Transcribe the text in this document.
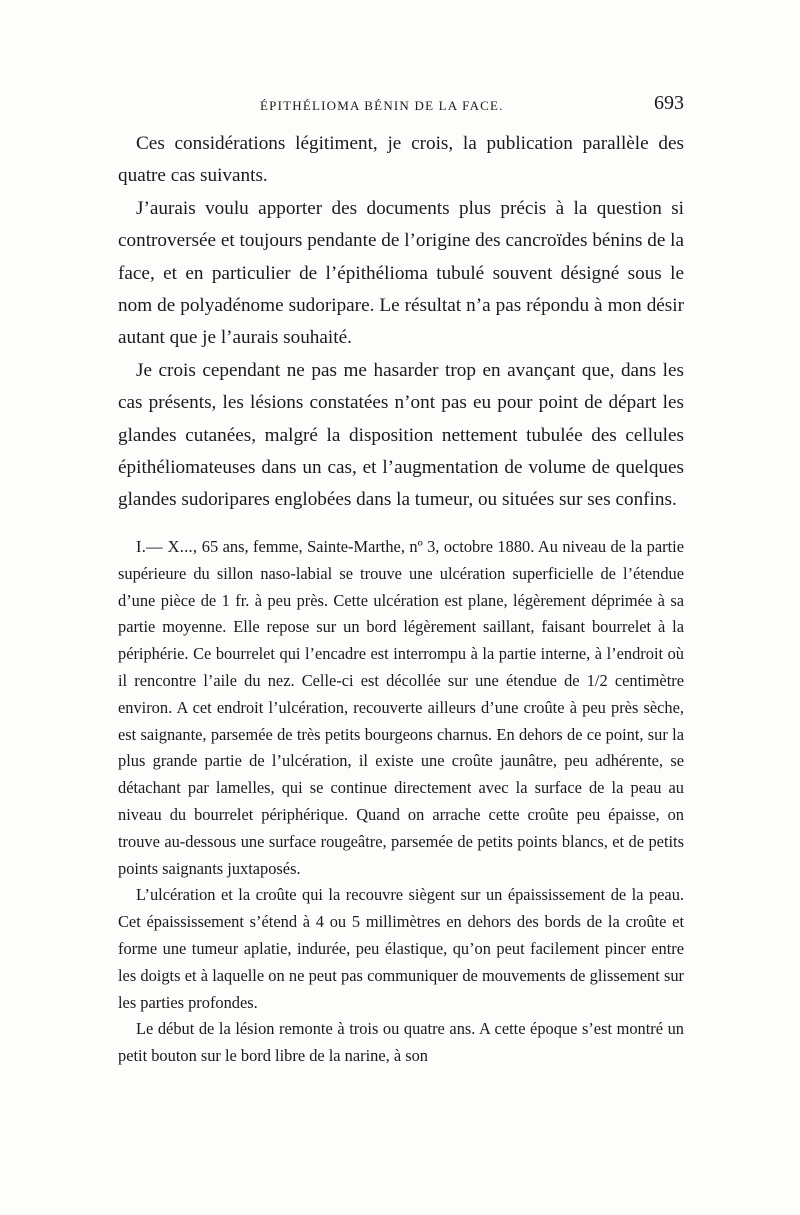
ÉPITHÉLIOMA BÉNIN DE LA FACE.	693

Ces considérations légitiment, je crois, la publication parallèle des quatre cas suivants.

J’aurais voulu apporter des documents plus précis à la question si controversée et toujours pendante de l’origine des cancroïdes bénins de la face, et en particulier de l’épithélioma tubulé souvent désigné sous le nom de polyadénome sudoripare. Le résultat n’a pas répondu à mon désir autant que je l’aurais souhaité.

Je crois cependant ne pas me hasarder trop en avançant que, dans les cas présents, les lésions constatées n’ont pas eu pour point de départ les glandes cutanées, malgré la disposition nettement tubulée des cellules épithéliomateuses dans un cas, et l’augmentation de volume de quelques glandes sudoripares englobées dans la tumeur, ou situées sur ses confins.

I.— X..., 65 ans, femme, Sainte-Marthe, nº 3, octobre 1880. Au niveau de la partie supérieure du sillon naso-labial se trouve une ulcération superficielle de l’étendue d’une pièce de 1 fr. à peu près. Cette ulcération est plane, légèrement déprimée à sa partie moyenne. Elle repose sur un bord légèrement saillant, faisant bourrelet à la périphérie. Ce bourrelet qui l’encadre est interrompu à la partie interne, à l’endroit où il rencontre l’aile du nez. Celle-ci est décollée sur une étendue de 1/2 centimètre environ. A cet endroit l’ulcération, recouverte ailleurs d’une croûte à peu près sèche, est saignante, parsemée de très petits bourgeons charnus. En dehors de ce point, sur la plus grande partie de l’ulcération, il existe une croûte jaunâtre, peu adhérente, se détachant par lamelles, qui se continue directement avec la surface de la peau au niveau du bourrelet périphérique. Quand on arrache cette croûte peu épaisse, on trouve au-dessous une surface rougeâtre, parsemée de petits points blancs, et de petits points saignants juxtaposés.

L’ulcération et la croûte qui la recouvre siègent sur un épaississement de la peau. Cet épaississement s’étend à 4 ou 5 millimètres en dehors des bords de la croûte et forme une tumeur aplatie, indurée, peu élastique, qu’on peut facilement pincer entre les doigts et à laquelle on ne peut pas communiquer de mouvements de glissement sur les parties profondes.

Le début de la lésion remonte à trois ou quatre ans. A cette époque s’est montré un petit bouton sur le bord libre de la narine, à son
